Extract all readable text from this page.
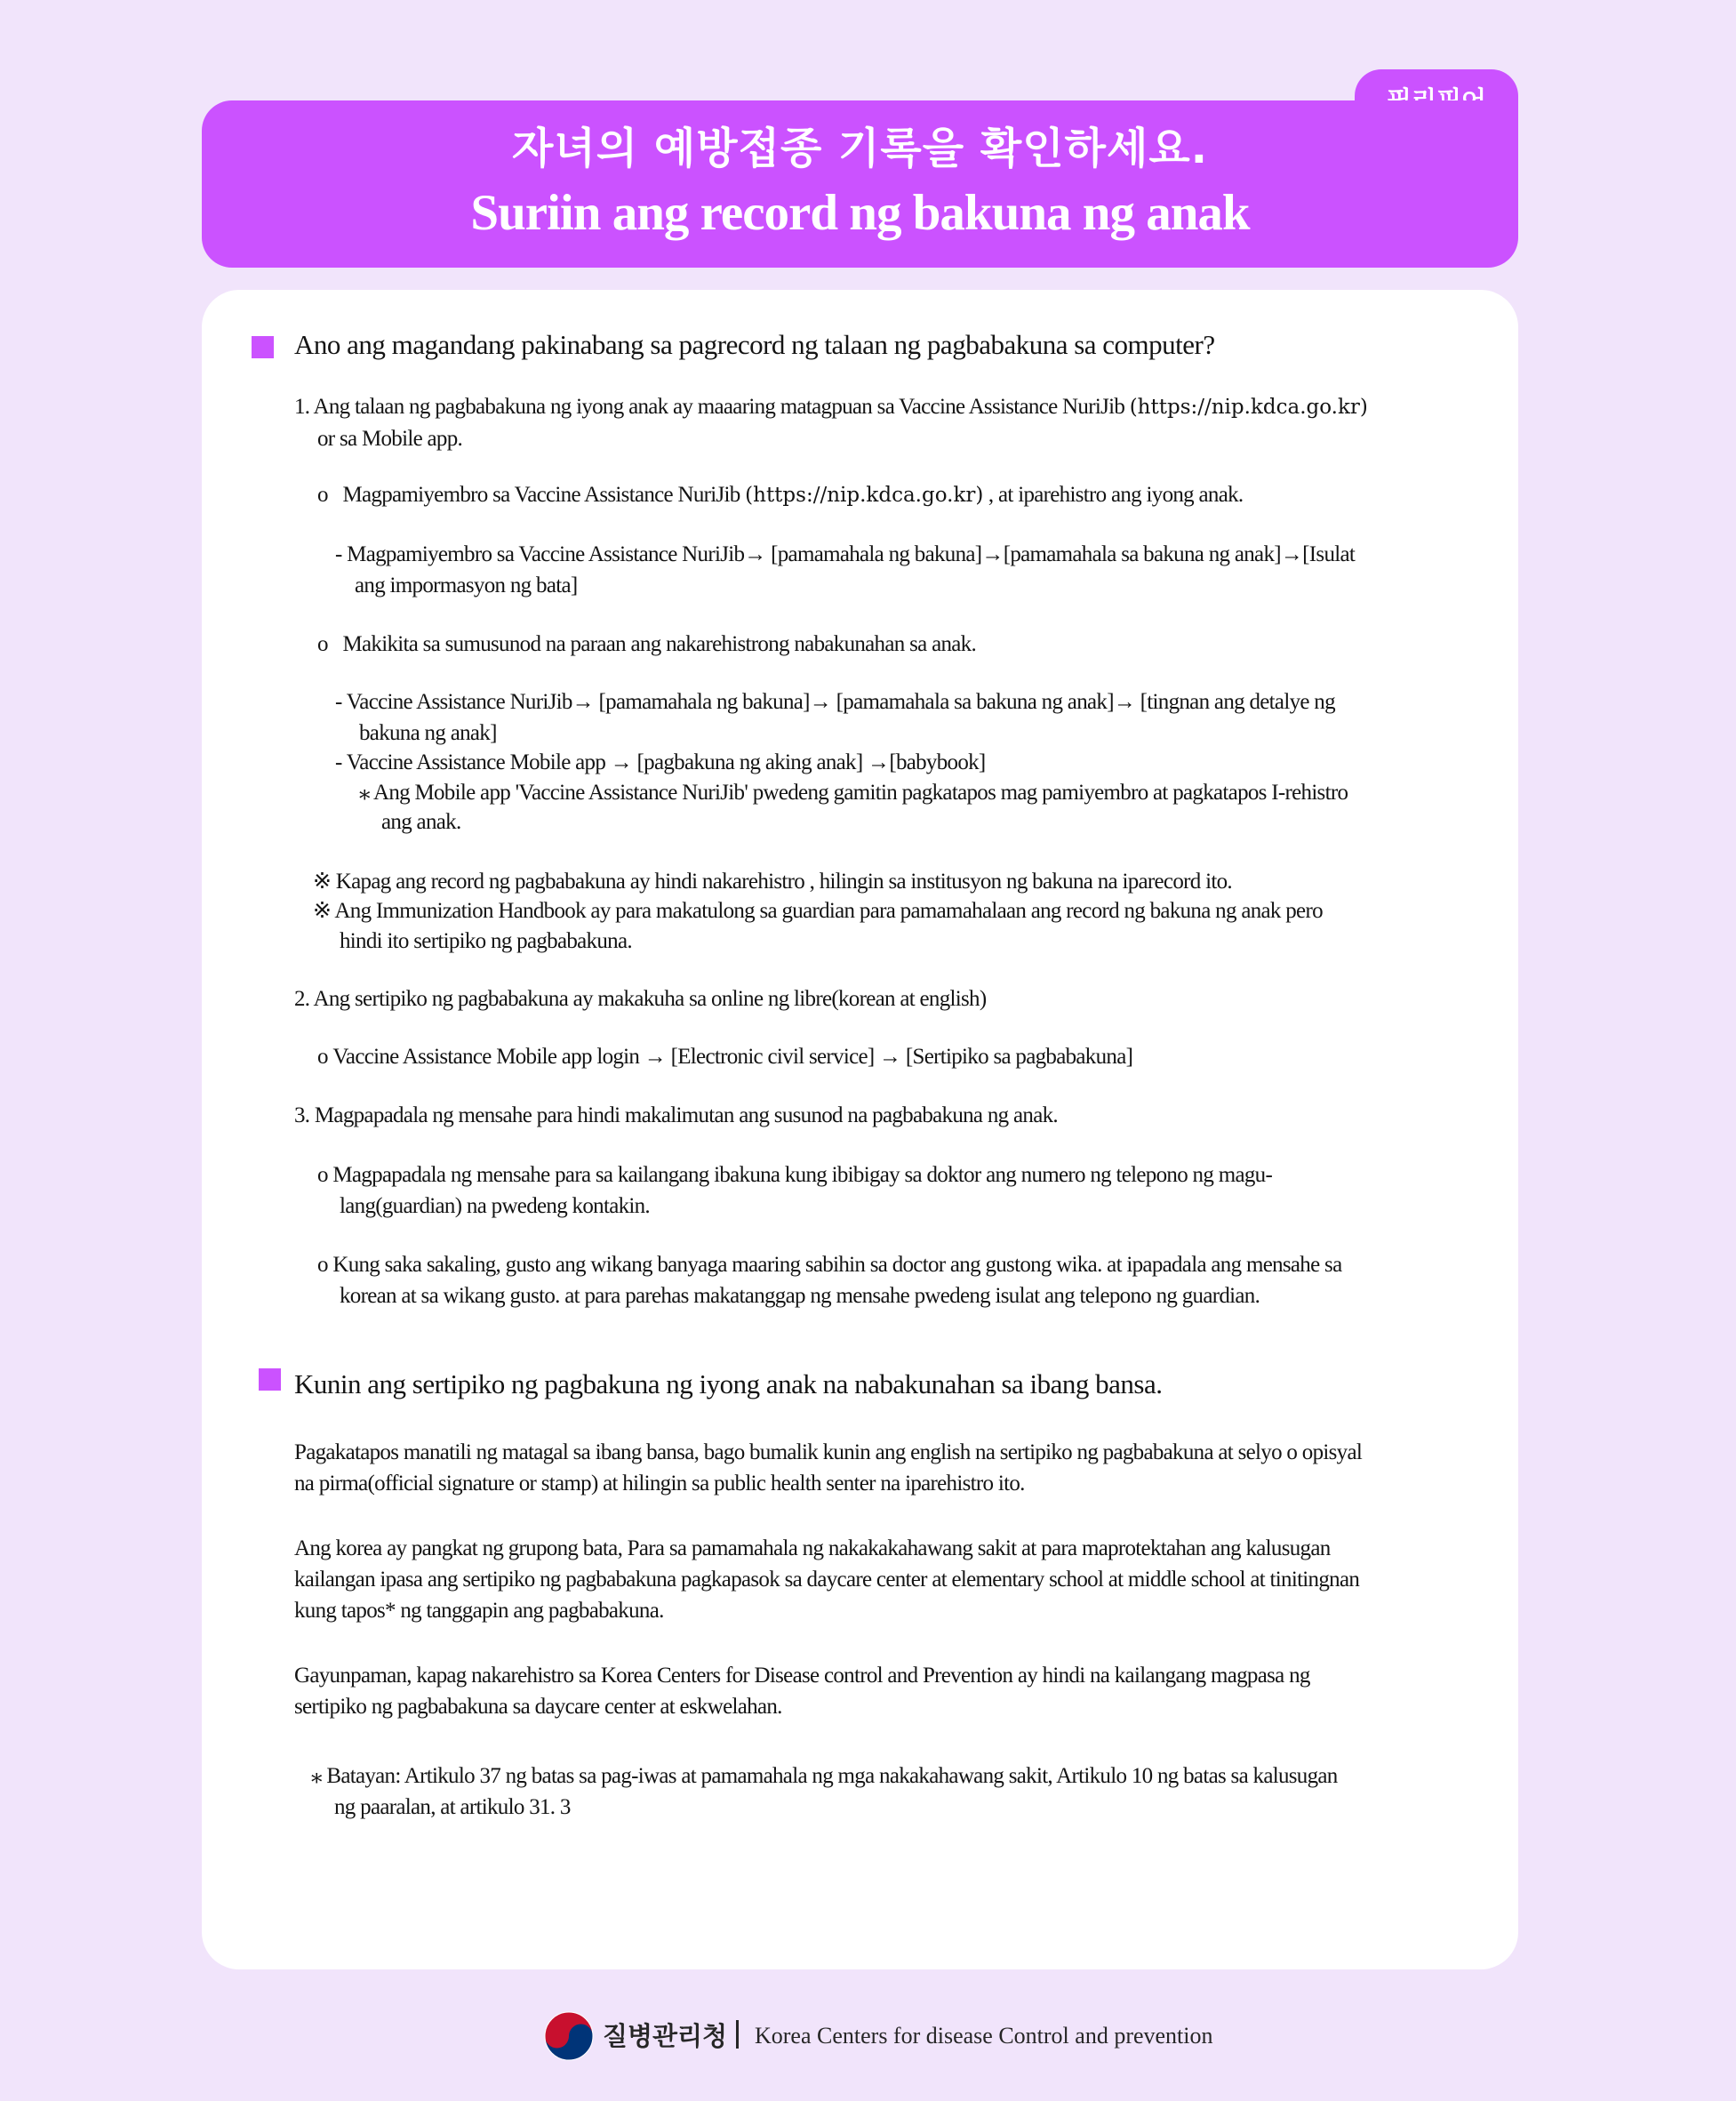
자녀의 예방접종 기록을 확인하세요.
Suriin ang record ng bakuna ng anak
Ano ang magandang pakinabang sa pagrecord ng talaan ng pagbabakuna sa computer?
1. Ang talaan ng pagbabakuna ng iyong anak ay maaaring matagpuan sa Vaccine Assistance NuriJib (https://nip.kdca.go.kr)
or sa Mobile app.
ο Magpamiyembro sa Vaccine Assistance NuriJib (https://nip.kdca.go.kr) , at iparehistro ang iyong anak.
- Magpamiyembro sa Vaccine Assistance NuriJib→ [pamamahala ng bakuna]→[pamamahala sa bakuna ng anak]→[Isulat
ang impormasyon ng bata]
ο Makikita sa sumusunod na paraan ang nakarehistrong nabakunahan sa anak.
- Vaccine Assistance NuriJib→ [pamamahala ng bakuna]→ [pamamahala sa bakuna ng anak]→ [tingnan ang detalye ng
bakuna ng anak]
- Vaccine Assistance Mobile app → [pagbakuna ng aking anak] →[babybook]
⁎ Ang Mobile app 'Vaccine Assistance NuriJib' pwedeng gamitin pagkatapos mag pamiyembro at pagkatapos I-rehistro
ang anak.
※ Kapag ang record ng pagbabakuna ay hindi nakarehistro , hilingin sa institusyon ng bakuna na iparecord ito.
※ Ang Immunization Handbook ay para makatulong sa guardian para pamamahalaan ang record ng bakuna ng anak pero
hindi ito sertipiko ng pagbabakuna.
2. Ang sertipiko ng pagbabakuna ay makakuha sa online ng libre(korean at english)
ο Vaccine Assistance Mobile app login → [Electronic civil service] → [Sertipiko sa pagbabakuna]
3. Magpapadala ng mensahe para hindi makalimutan ang susunod na pagbabakuna ng anak.
ο Magpapadala ng mensahe para sa kailangang ibakuna kung ibibigay sa doktor ang numero ng telepono ng magu-
lang(guardian) na pwedeng kontakin.
ο Kung saka sakaling, gusto ang wikang banyaga maaring sabihin sa doctor ang gustong wika. at ipapadala ang mensahe sa
korean at sa wikang gusto. at para parehas makatanggap ng mensahe pwedeng isulat ang telepono ng guardian.
Kunin ang sertipiko ng pagbakuna ng iyong anak na nabakunahan sa ibang bansa.
Pagakatapos manatili ng matagal sa ibang bansa, bago bumalik kunin ang english na sertipiko ng pagbabakuna at selyo o opisyal
na pirma(official signature or stamp) at hilingin sa public health senter na iparehistro ito.
Ang korea ay pangkat ng grupong bata, Para sa pamamahala ng nakakakahawang sakit at para maprotektahan ang kalusugan
kailangan ipasa ang sertipiko ng pagbabakuna pagkapasok sa daycare center at elementary school at middle school at tinitingnan
kung tapos* ng tanggapin ang pagbabakuna.
Gayunpaman, kapag nakarehistro sa Korea Centers for Disease control and Prevention ay hindi na kailangang magpasa ng
sertipiko ng pagbabakuna sa daycare center at eskwelahan.
⁎ Batayan: Artikulo 37 ng batas sa pag-iwas at pamamahala ng mga nakakahawang sakit, Artikulo 10 ng batas sa kalusugan
ng paaralan, at artikulo 31. 3
질병관리청 Korea Centers for disease Control and prevention
